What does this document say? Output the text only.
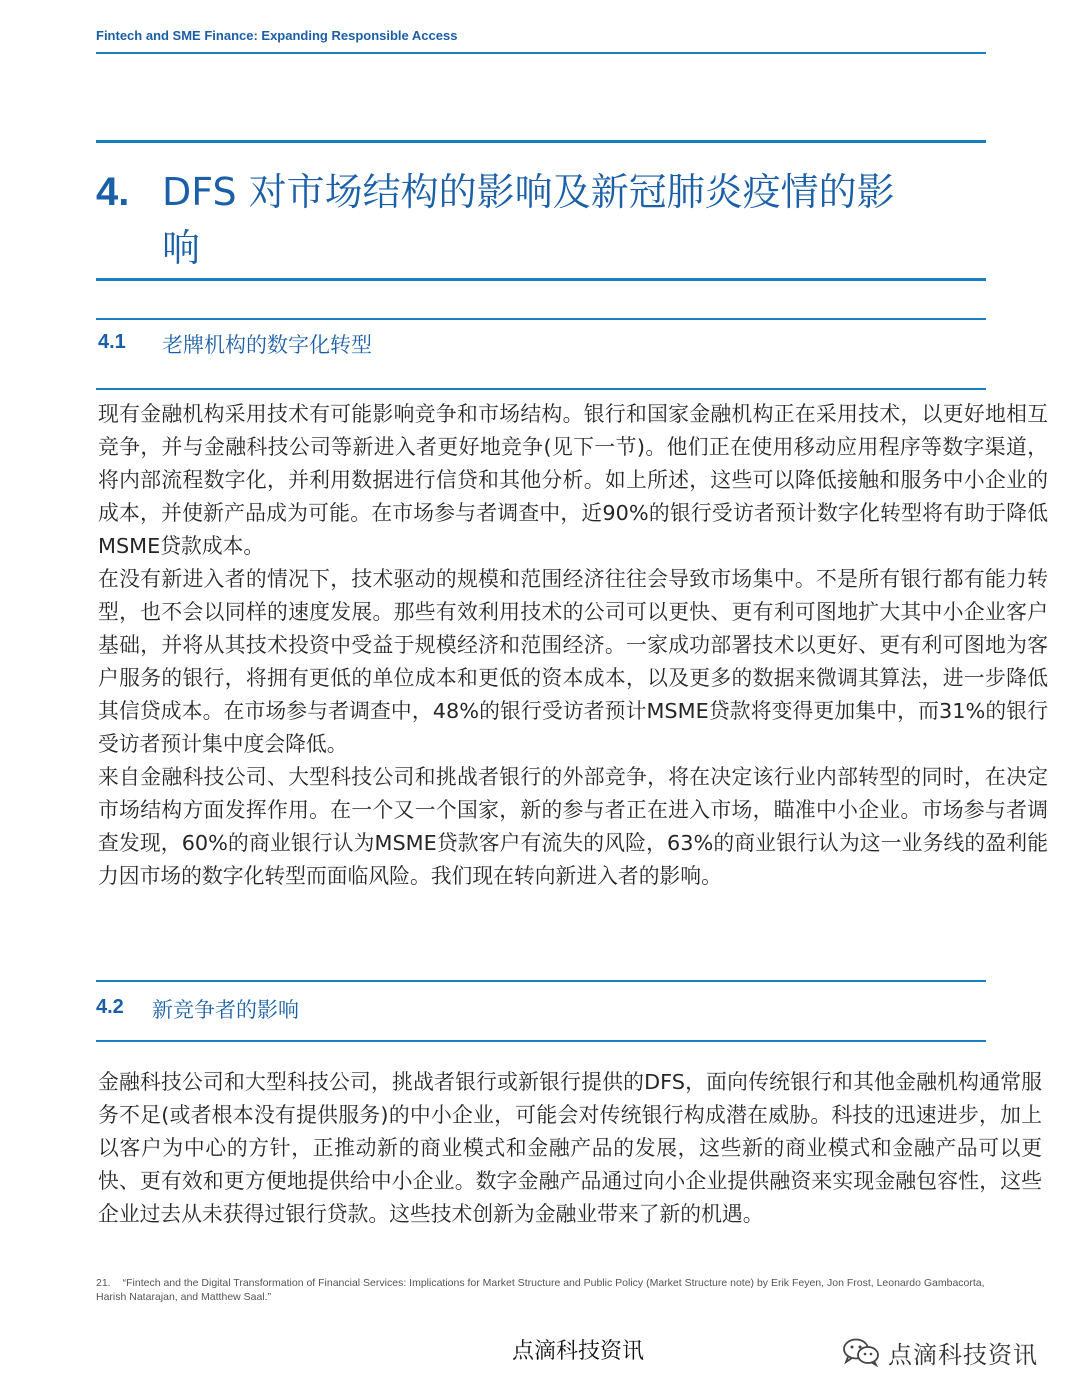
Fintech and SME Finance: Expanding Responsible Access
4. DFS 对市场结构的影响及新冠肺炎疫情的影响
4.1 老牌机构的数字化转型

现有金融机构采用技术有可能影响竞争和市场结构。银行和国家金融机构正在采用技术，以更好地相互竞争，并与金融科技公司等新进入者更好地竞争(见下一节)。他们正在使用移动应用程序等数字渠道，将内部流程数字化，并利用数据进行信贷和其他分析。如上所述，这些可以降低接触和服务中小企业的成本，并使新产品成为可能。在市场参与者调查中，近90%的银行受访者预计数字化转型将有助于降低MSME贷款成本。

在没有新进入者的情况下，技术驱动的规模和范围经济往往会导致市场集中。不是所有银行都有能力转型，也不会以同样的速度发展。那些有效利用技术的公司可以更快、更有利可图地扩大其中小企业客户基础，并将从其技术投资中受益于规模经济和范围经济。一家成功部署技术以更好、更有利可图地为客户服务的银行，将拥有更低的单位成本和更低的资本成本，以及更多的数据来微调其算法，进一步降低其信贷成本。在市场参与者调查中，48%的银行受访者预计MSME贷款将变得更加集中，而31%的银行受访者预计集中度会降低。

来自金融科技公司、大型科技公司和挑战者银行的外部竞争，将在决定该行业内部转型的同时，在决定市场结构方面发挥作用。在一个又一个国家，新的参与者正在进入市场，瞄准中小企业。市场参与者调查发现，60%的商业银行认为MSME贷款客户有流失的风险，63%的商业银行认为这一业务线的盈利能力因市场的数字化转型而面临风险。我们现在转向新进入者的影响。

4.2 新竞争者的影响

金融科技公司和大型科技公司，挑战者银行或新银行提供的DFS，面向传统银行和其他金融机构通常服务不足(或者根本没有提供服务)的中小企业，可能会对传统银行构成潜在威胁。科技的迅速进步，加上以客户为中心的方针，正推动新的商业模式和金融产品的发展，这些新的商业模式和金融产品可以更快、更有效和更方便地提供给中小企业。数字金融产品通过向小企业提供融资来实现金融包容性，这些企业过去从未获得过银行贷款。这些技术创新为金融业带来了新的机遇。

21. “Fintech and the Digital Transformation of Financial Services: Implications for Market Structure and Public Policy (Market Structure note) by Erik Feyen, Jon Frost, Leonardo Gambacorta, Harish Natarajan, and Matthew Saal.”
点滴科技资讯	点滴科技资讯
